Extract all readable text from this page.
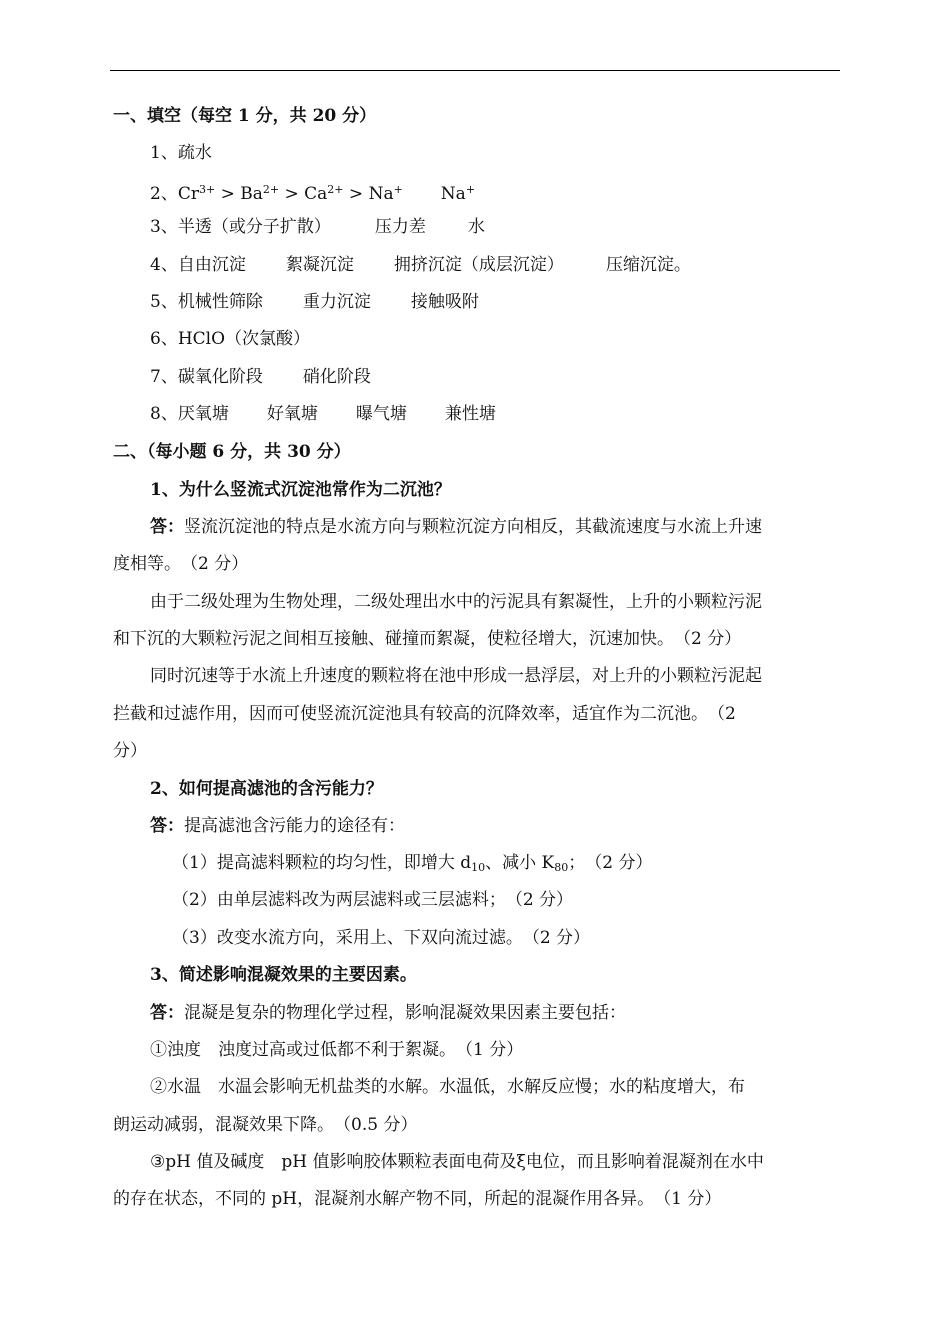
一、填空（每空 1 分，共 20 分）
1、疏水
2、$Cr^{3+} > Ba^{2+} > Ca^{2+} > Na^+$ Na+
3、半透（或分子扩散）	压力差 水
4、自由沉淀 絮凝沉淀 拥挤沉淀（成层沉淀） 压缩沉淀。
5、机械性筛除 重力沉淀 接触吸附
6、HClO（次氯酸）
7、碳氧化阶段 硝化阶段
8、厌氧塘 好氧塘 曝气塘 兼性塘
二、（每小题 6 分，共 30 分）
1、为什么竖流式沉淀池常作为二沉池？
答：竖流沉淀池的特点是水流方向与颗粒沉淀方向相反，其截流速度与水流上升速
度相等。　（2 分）
由于二级处理为生物处理，二级处理出水中的污泥具有絮凝性，上升的小颗粒污泥
和下沉的大颗粒污泥之间相互接触、碰撞而絮凝，使粒径增大，沉速加快。　（2 分）
同时沉速等于水流上升速度的颗粒将在池中形成一悬浮层，对上升的小颗粒污泥起
拦截和过滤作用，因而可使竖流沉淀池具有较高的沉降效率，适宜作为二沉池。　（2
分）
2、如何提高滤池的含污能力？
答：提高滤池含污能力的途径有：
（1）提高滤料颗粒的均匀性，即增大 $d_{10}$、减小 $K_{80}$；　（2 分）
（2）由单层滤料改为两层滤料或三层滤料；　（2 分）
（3）改变水流方向，采用上、下双向流过滤。　（2 分）
3、简述影响混凝效果的主要因素。
答：混凝是复杂的物理化学过程，影响混凝效果因素主要包括：
①浊度　浊度过高或过低都不利于絮凝。　（1 分）
②水温　水温会影响无机盐类的水解。水温低，水解反应慢；水的粘度增大，布
朗运动减弱，混凝效果下降。　（0.5 分）
③pH 值及碱度　pH 值影响胶体颗粒表面电荷及ξ电位，而且影响着混凝剂在水中
的存在状态，不同的 pH，混凝剂水解产物不同，所起的混凝作用各异。　（1 分）
